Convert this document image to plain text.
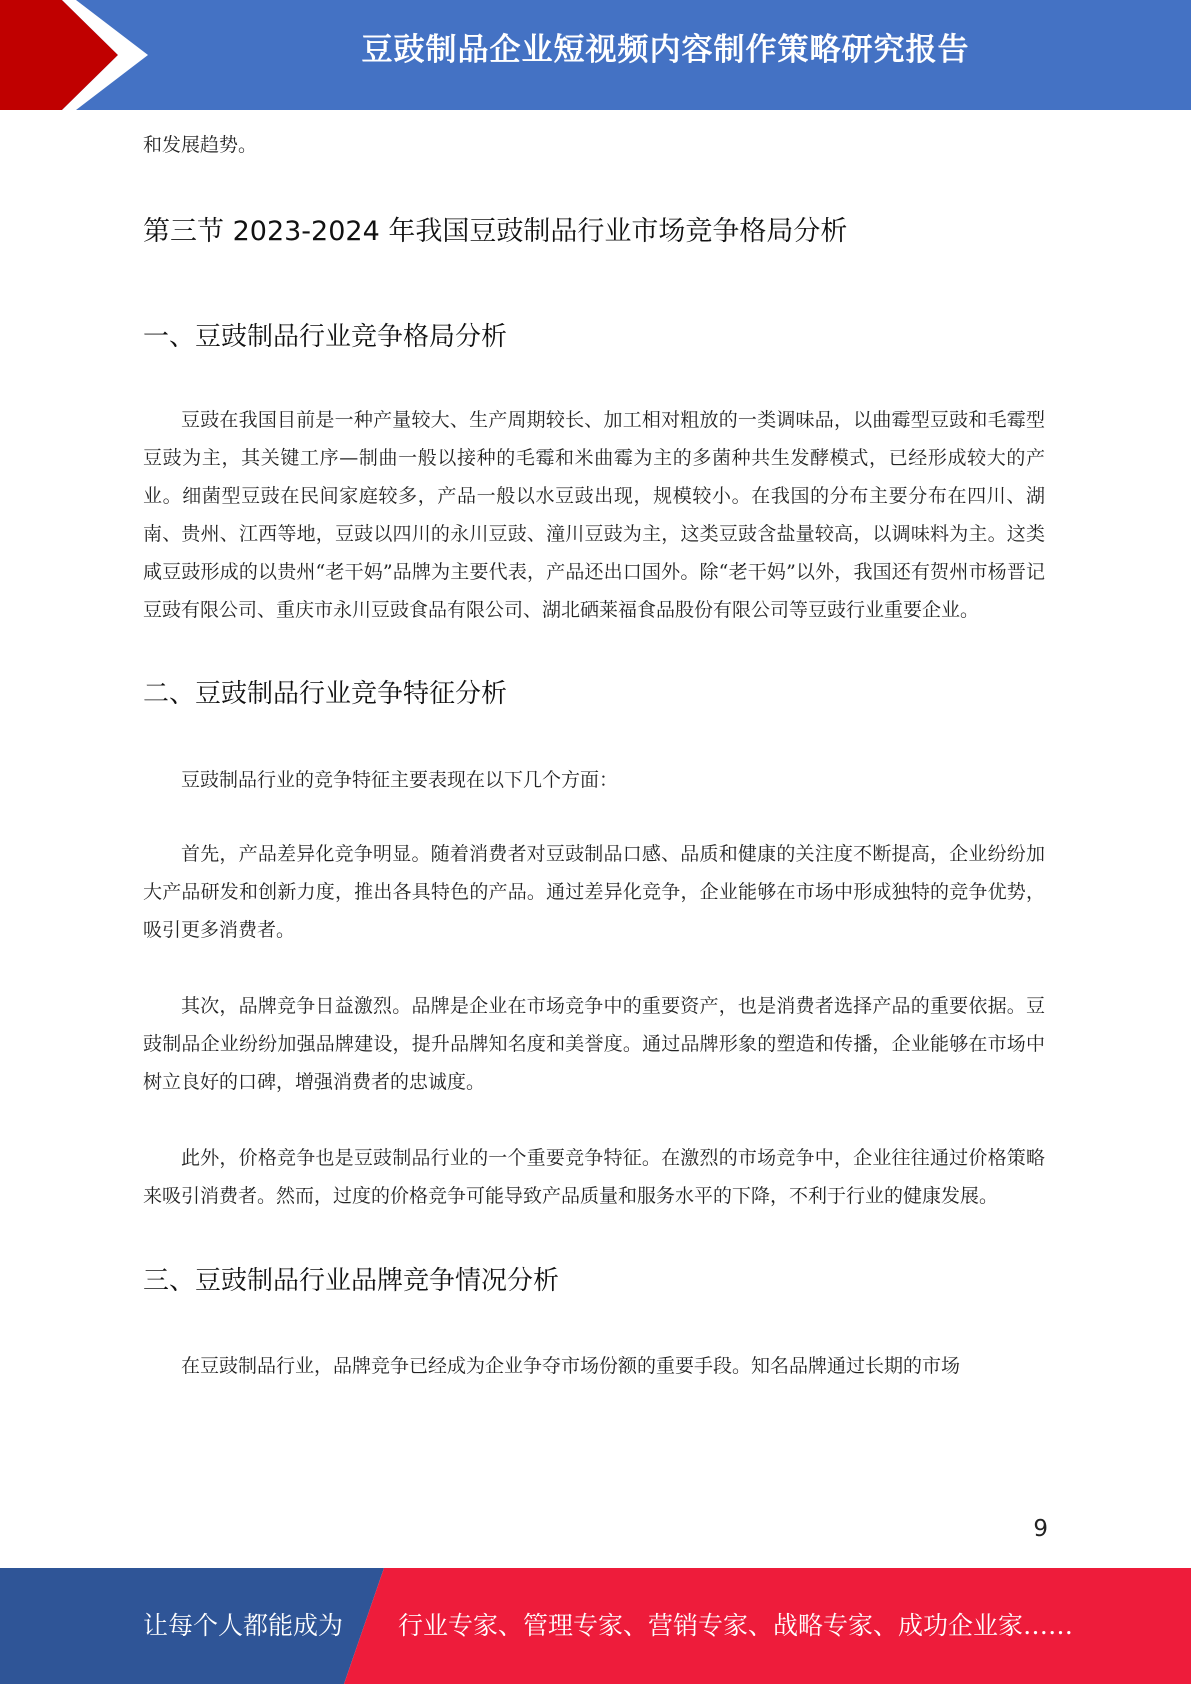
豆豉制品企业短视频内容制作策略研究报告

和发展趋势。

第三节 2023-2024 年我国豆豉制品行业市场竞争格局分析
一、豆豉制品行业竞争格局分析

豆豉在我国目前是一种产量较大、生产周期较长、加工相对粗放的一类调味品，以曲霉型豆豉和毛霉型豆豉为主，其关键工序—制曲一般以接种的毛霉和米曲霉为主的多菌种共生发酵模式，已经形成较大的产业。细菌型豆豉在民间家庭较多，产品一般以水豆豉出现，规模较小。在我国的分布主要分布在四川、湖南、贵州、江西等地，豆豉以四川的永川豆豉、潼川豆豉为主，这类豆豉含盐量较高，以调味料为主。这类咸豆豉形成的以贵州“老干妈”品牌为主要代表，产品还出口国外。除“老干妈”以外，我国还有贺州市杨晋记豆豉有限公司、重庆市永川豆豉食品有限公司、湖北硒莱福食品股份有限公司等豆豉行业重要企业。

二、豆豉制品行业竞争特征分析

豆豉制品行业的竞争特征主要表现在以下几个方面：

首先，产品差异化竞争明显。随着消费者对豆豉制品口感、品质和健康的关注度不断提高，企业纷纷加大产品研发和创新力度，推出各具特色的产品。通过差异化竞争，企业能够在市场中形成独特的竞争优势，吸引更多消费者。

其次，品牌竞争日益激烈。品牌是企业在市场竞争中的重要资产，也是消费者选择产品的重要依据。豆豉制品企业纷纷加强品牌建设，提升品牌知名度和美誉度。通过品牌形象的塑造和传播，企业能够在市场中树立良好的口碑，增强消费者的忠诚度。

此外，价格竞争也是豆豉制品行业的一个重要竞争特征。在激烈的市场竞争中，企业往往通过价格策略来吸引消费者。然而，过度的价格竞争可能导致产品质量和服务水平的下降，不利于行业的健康发展。

三、豆豉制品行业品牌竞争情况分析

在豆豉制品行业，品牌竞争已经成为企业争夺市场份额的重要手段。知名品牌通过长期的市场

9
让每个人都能成为 行业专家、管理专家、营销专家、战略专家、成功企业家……
